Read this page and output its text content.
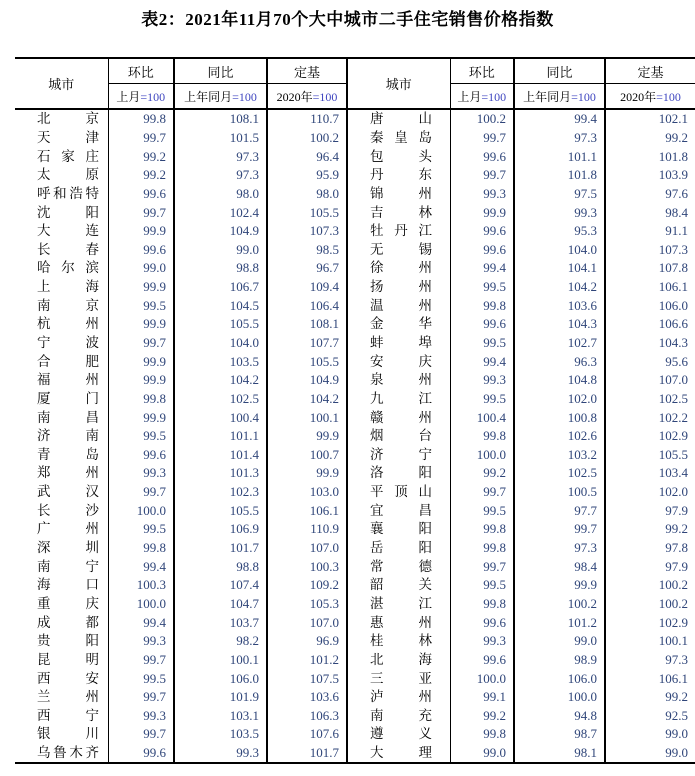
表2：2021年11月70个大中城市二手住宅销售价格指数
城市	环比	同比	定基	城市	环比	同比	定基
	上月=100	上年同月=100	2020年=100		上月=100	上年同月=100	2020年=100
北京	99.8	108.1	110.7	唐山	100.2	99.4	102.1
天津	99.7	101.5	100.2	秦皇岛	99.7	97.3	99.2
石家庄	99.2	97.3	96.4	包头	99.6	101.1	101.8
太原	99.2	97.3	95.9	丹东	99.7	101.8	103.9
呼和浩特	99.6	98.0	98.0	锦州	99.3	97.5	97.6
沈阳	99.7	102.4	105.5	吉林	99.9	99.3	98.4
大连	99.9	104.9	107.3	牡丹江	99.6	95.3	91.1
长春	99.6	99.0	98.5	无锡	99.6	104.0	107.3
哈尔滨	99.0	98.8	96.7	徐州	99.4	104.1	107.8
上海	99.9	106.7	109.4	扬州	99.5	104.2	106.1
南京	99.5	104.5	106.4	温州	99.8	103.6	106.0
杭州	99.9	105.5	108.1	金华	99.6	104.3	106.6
宁波	99.7	104.0	107.7	蚌埠	99.5	102.7	104.3
合肥	99.9	103.5	105.5	安庆	99.4	96.3	95.6
福州	99.9	104.2	104.9	泉州	99.3	104.8	107.0
厦门	99.8	102.5	104.2	九江	99.5	102.0	102.5
南昌	99.9	100.4	100.1	赣州	100.4	100.8	102.2
济南	99.5	101.1	99.9	烟台	99.8	102.6	102.9
青岛	99.6	101.4	100.7	济宁	100.0	103.2	105.5
郑州	99.3	101.3	99.9	洛阳	99.2	102.5	103.4
武汉	99.7	102.3	103.0	平顶山	99.7	100.5	102.0
长沙	100.0	105.5	106.1	宜昌	99.5	97.7	97.9
广州	99.5	106.9	110.9	襄阳	99.8	99.7	99.2
深圳	99.8	101.7	107.0	岳阳	99.8	97.3	97.8
南宁	99.4	98.8	100.3	常德	99.7	98.4	97.9
海口	100.3	107.4	109.2	韶关	99.5	99.9	100.2
重庆	100.0	104.7	105.3	湛江	99.8	100.2	100.2
成都	99.4	103.7	107.0	惠州	99.6	101.2	102.9
贵阳	99.3	98.2	96.9	桂林	99.3	99.0	100.1
昆明	99.7	100.1	101.2	北海	99.6	98.9	97.3
西安	99.5	106.0	107.5	三亚	100.0	106.0	106.1
兰州	99.7	101.9	103.6	泸州	99.1	100.0	99.2
西宁	99.3	103.1	106.3	南充	99.2	94.8	92.5
银川	99.7	103.5	107.6	遵义	99.8	98.7	99.0
乌鲁木齐	99.6	99.3	101.7	大理	99.0	98.1	99.0
